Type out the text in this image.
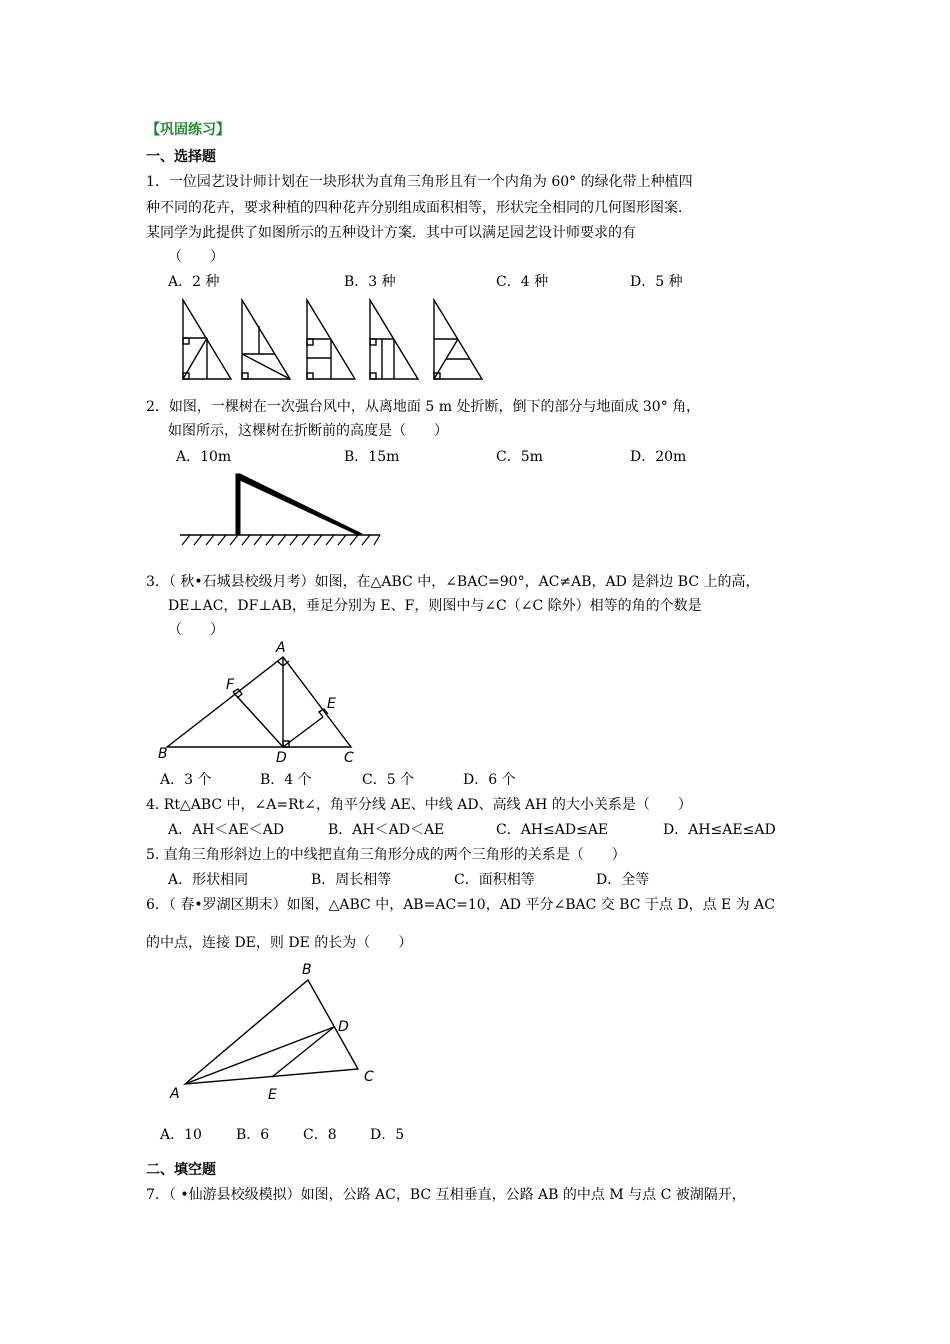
【巩固练习】
一、选择题
1．一位园艺设计师计划在一块形状为直角三角形且有一个内角为 60° 的绿化带上种植四
种不同的花卉，要求种植的四种花卉分别组成面积相等，形状完全相同的几何图形图案．
某同学为此提供了如图所示的五种设计方案．其中可以满足园艺设计师要求的有
（　　）
A．2 种	B．3 种	C．4 种	D．5 种
2．如图，一棵树在一次强台风中，从离地面 5 m 处折断，倒下的部分与地面成 30° 角，
如图所示，这棵树在折断前的高度是（　　）
A．10m	B．15m	C．5m	D．20m
3．（ 秋•石城县校级月考）如图，在△ABC 中，∠BAC=90°，AC≠AB，AD 是斜边 BC 上的高，
DE⊥AC，DF⊥AB，垂足分别为 E、F，则图中与∠C（∠C 除外）相等的角的个数是
（　　）
A
F
E
B	D	C
A．3 个	B．4 个	C．5 个	D．6 个
4. Rt△ABC 中，∠A=Rt∠，角平分线 AE、中线 AD、高线 AH 的大小关系是（　　）
A．AH＜AE＜AD	B．AH＜AD＜AE	C．AH≤AD≤AE	D．AH≤AE≤AD
5. 直角三角形斜边上的中线把直角三角形分成的两个三角形的关系是（　　）
A．形状相同	B．周长相等	C．面积相等	D．全等
6．（ 春•罗湖区期末）如图，△ABC 中，AB=AC=10，AD 平分∠BAC 交 BC 于点 D，点 E 为 AC
的中点，连接 DE，则 DE 的长为（　　）
B
D
C
A	E
A．10 B．6 C．8 D．5
二、填空题
7．（ •仙游县校级模拟）如图，公路 AC，BC 互相垂直，公路 AB 的中点 M 与点 C 被湖隔开，
